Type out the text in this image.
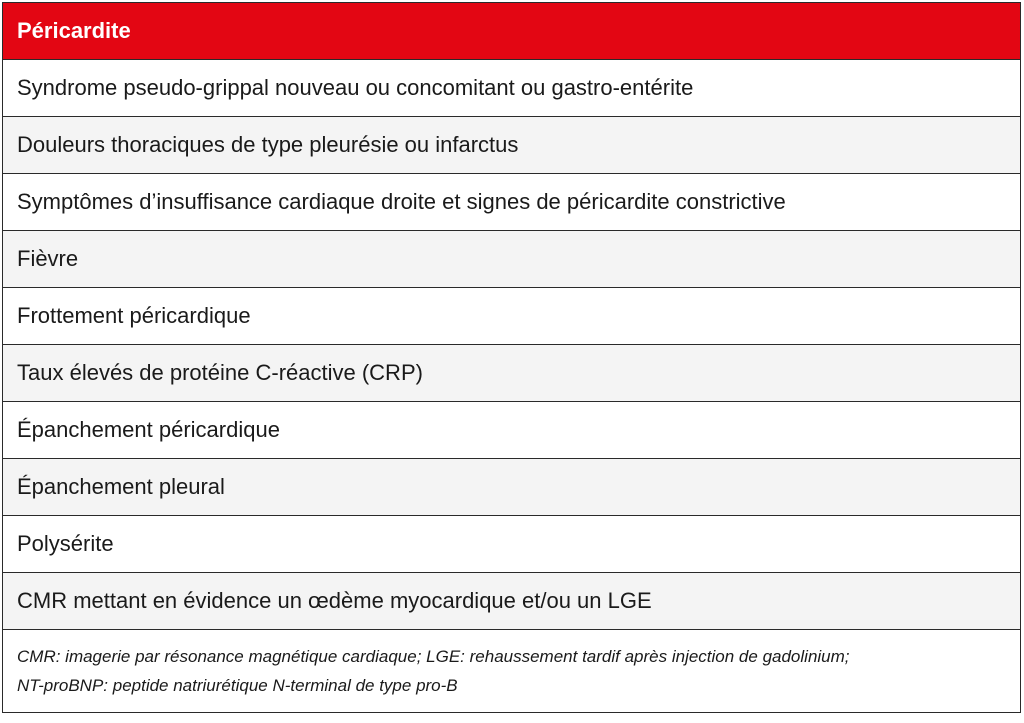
Péricardite
Syndrome pseudo-grippal nouveau ou concomitant ou gastro-entérite
Douleurs thoraciques de type pleurésie ou infarctus
Symptômes d’insuffisance cardiaque droite et signes de péricardite constrictive
Fièvre
Frottement péricardique
Taux élevés de protéine C-réactive (CRP)
Épanchement péricardique
Épanchement pleural
Polysérite
CMR mettant en évidence un œdème myocardique et/ou un LGE
CMR: imagerie par résonance magnétique cardiaque; LGE: rehaussement tardif après injection de gadolinium;
NT-proBNP: peptide natriurétique N-terminal de type pro-B
